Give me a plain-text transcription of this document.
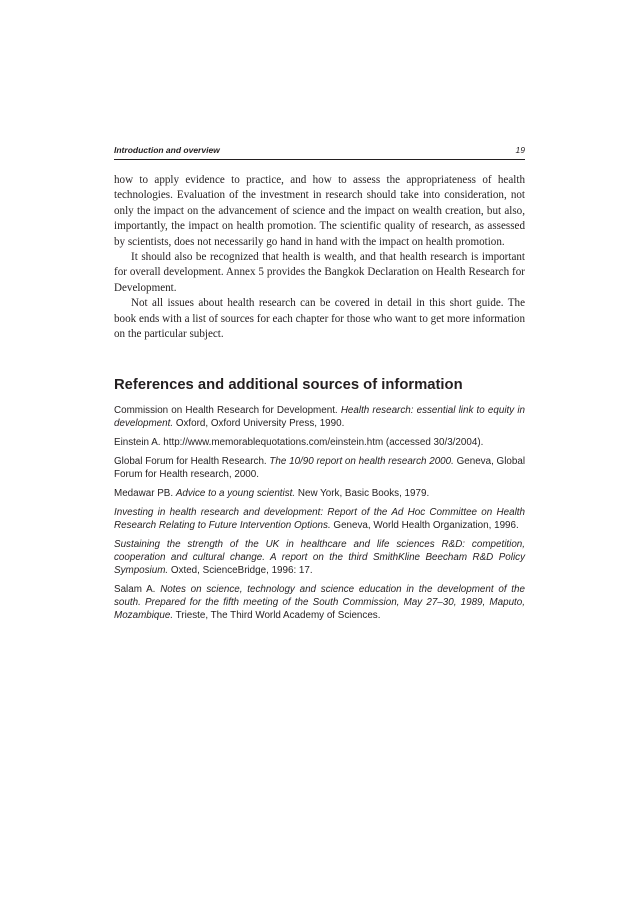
Introduction and overview	19

how to apply evidence to practice, and how to assess the appropriateness of health technologies. Evaluation of the investment in research should take into consideration, not only the impact on the advancement of science and the impact on wealth creation, but also, importantly, the impact on health promotion. The scientific quality of research, as assessed by scientists, does not necessarily go hand in hand with the impact on health promotion.

It should also be recognized that health is wealth, and that health research is important for overall development. Annex 5 provides the Bangkok Declaration on Health Research for Development.

Not all issues about health research can be covered in detail in this short guide. The book ends with a list of sources for each chapter for those who want to get more information on the particular subject.

References and additional sources of information

Commission on Health Research for Development. Health research: essential link to equity in development. Oxford, Oxford University Press, 1990.

Einstein A. http://www.memorablequotations.com/einstein.htm (accessed 30/3/2004).

Global Forum for Health Research. The 10/90 report on health research 2000. Geneva, Global Forum for Health research, 2000.

Medawar PB. Advice to a young scientist. New York, Basic Books, 1979.

Investing in health research and development: Report of the Ad Hoc Committee on Health Research Relating to Future Intervention Options. Geneva, World Health Organization, 1996.

Sustaining the strength of the UK in healthcare and life sciences R&D: competition, cooperation and cultural change. A report on the third SmithKline Beecham R&D Policy Symposium. Oxted, ScienceBridge, 1996: 17.

Salam A. Notes on science, technology and science education in the development of the south. Prepared for the fifth meeting of the South Commission, May 27–30, 1989, Maputo, Mozambique. Trieste, The Third World Academy of Sciences.
